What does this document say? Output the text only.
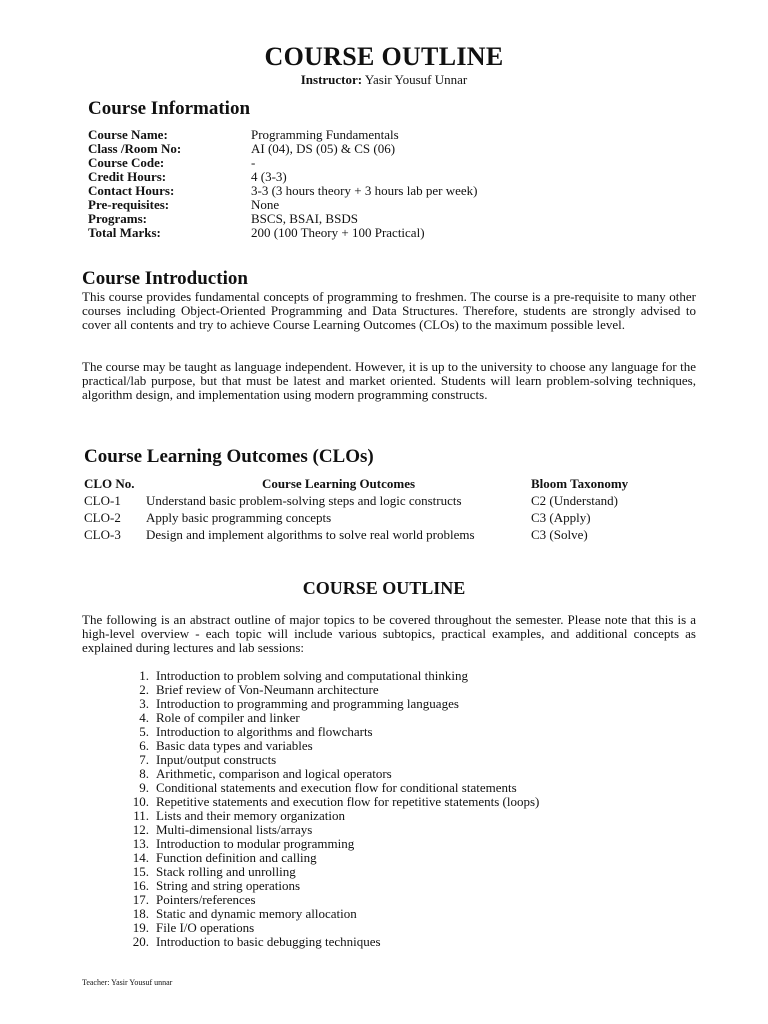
COURSE OUTLINE
Instructor: Yasir Yousuf Unnar
Course Information
Course Name:	Programming Fundamentals
Class /Room No:	AI (04), DS (05) & CS (06)
Course Code:	-
Credit Hours:	4 (3-3)
Contact Hours:	3-3 (3 hours theory + 3 hours lab per week)
Pre-requisites:	None
Programs:	BSCS, BSAI, BSDS
Total Marks:	200 (100 Theory + 100 Practical)
Course Introduction

This course provides fundamental concepts of programming to freshmen. The course is a pre-requisite to many other courses including Object-Oriented Programming and Data Structures. Therefore, students are strongly advised to cover all contents and try to achieve Course Learning Outcomes (CLOs) to the maximum possible level.

The course may be taught as language independent. However, it is up to the university to choose any language for the practical/lab purpose, but that must be latest and market oriented. Students will learn problem-solving techniques, algorithm design, and implementation using modern programming constructs.

Course Learning Outcomes (CLOs)
CLO No.	Course Learning Outcomes	Bloom Taxonomy
CLO-1	Understand basic problem-solving steps and logic constructs	C2 (Understand)
CLO-2	Apply basic programming concepts	C3 (Apply)
CLO-3	Design and implement algorithms to solve real world problems	C3 (Solve)
COURSE OUTLINE

The following is an abstract outline of major topics to be covered throughout the semester. Please note that this is a high-level overview - each topic will include various subtopics, practical examples, and additional concepts as explained during lectures and lab sessions:

1. Introduction to problem solving and computational thinking
2. Brief review of Von-Neumann architecture
3. Introduction to programming and programming languages
4. Role of compiler and linker
5. Introduction to algorithms and flowcharts
6. Basic data types and variables
7. Input/output constructs
8. Arithmetic, comparison and logical operators
9. Conditional statements and execution flow for conditional statements
10. Repetitive statements and execution flow for repetitive statements (loops)
11. Lists and their memory organization
12. Multi-dimensional lists/arrays
13. Introduction to modular programming
14. Function definition and calling
15. Stack rolling and unrolling
16. String and string operations
17. Pointers/references
18. Static and dynamic memory allocation
19. File I/O operations
20. Introduction to basic debugging techniques
Teacher: Yasir Yousuf unnar
